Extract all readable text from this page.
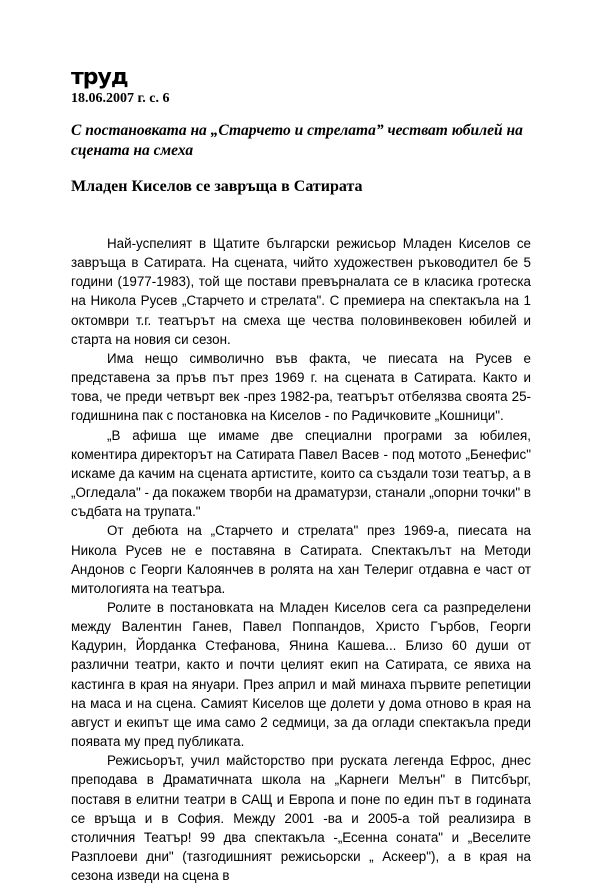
труд
18.06.2007 г. с. 6
С постановката на „Старчето и стрелата” честват юбилей на сцената на смеха
Младен Киселов се завръща в Сатирата

Най-успелият в Щатите български режисьор Младен Киселов се завръща в Сатирата. На сцената, чийто художествен ръководител бе 5 години (1977-1983), той ще постави превърналата се в класика гротеска на Никола Русев „Старчето и стрелата". С премиера на спектакъла на 1 октомври т.г. театърът на смеха ще чества половинвековен юбилей и старта на новия си сезон.

Има нещо символично във факта, че пиесата на Русев е представена за пръв път през 1969 г. на сцената в Сатирата. Както и това, че преди четвърт век -през 1982-ра, театърът отбелязва своята 25-годишнина пак с постановка на Киселов - по Радичковите „Кошници".

„В афиша ще имаме две специални програми за юбилея, коментира директорът на Сатирата Павел Васев - под мотото „Бенефис" искаме да качим на сцената артистите, които са създали този театър, а в „Огледала" - да покажем творби на драматурзи, станали „опорни точки" в съдбата на трупата."

От дебюта на „Старчето и стрелата" през 1969-а, пиесата на Никола Русев не е поставяна в Сатирата. Спектакълът на Методи Андонов с Георги Калоянчев в ролята на хан Телериг отдавна е част от митологията на театъра.

Ролите в постановката на Младен Киселов сега са разпределени между Валентин Ганев, Павел Поппандов, Христо Гърбов, Георги Кадурин, Йорданка Стефанова, Янина Кашева... Близо 60 души от различни театри, както и почти целият екип на Сатирата, се явиха на кастинга в края на януари. През април и май минаха първите репетиции на маса и на сцена. Самият Киселов ще долети у дома отново в края на август и екипът ще има само 2 седмици, за да оглади спектакъла преди появата му пред публиката.

Режисьорът, учил майсторство при руската легенда Ефрос, днес преподава в Драматичната школа на „Карнеги Мелън" в Питсбърг, поставя в елитни театри в САЩ и Европа и поне по един път в годината се връща и в София. Между 2001 -ва и 2005-а той реализира в столичния Театър! 99 два спектакъла -„Есенна соната" и „Веселите Разплоеви дни" (тазгодишният режисьорски „ Аскеер"), а в края на сезона изведи на сцена в
